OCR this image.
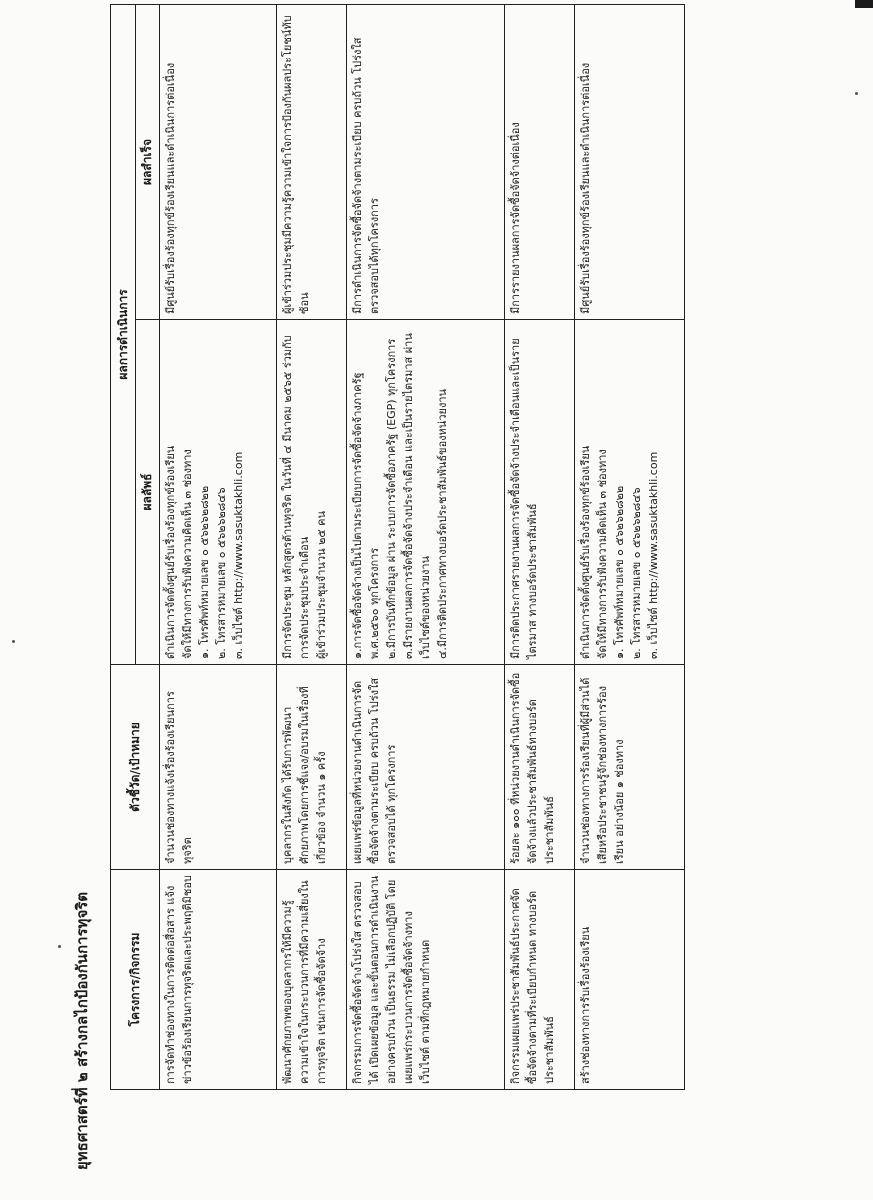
ยุทธศาสตร์ที่ ๒ สร้างกลไกป้องกันการทุจริต	โครงการ/กิจกรรม	ตัวชี้วัด/เป้าหมาย	ผลการดำเนินการ	
		ผลลัพธ์	ผลสำเร็จ
การจัดทำช่องทางในการติดต่อสื่อสาร แจ้งข่าวข้อร้องเรียนการทุจริตและประพฤติมิชอบ	จำนวนช่องทางแจ้งเรื่องร้องเรียนการทุจริต	ดำเนินการจัดตั้งศูนย์รับเรื่องร้องทุกข์ร้องเรียน จัดให้มีทางการรับฟังความคิดเห็น ๓ ช่องทาง ๑. โทรศัพท์หมายเลข ๐ ๕๖๒๖๒๘๒๒ ๒. โทรสารหมายเลข ๐ ๕๖๒๖๒๘๔๖ ๓. เว็บไซต์ http://www.sasuktakhli.com	มีศูนย์รับเรื่องร้องทุกข์ร้องเรียนและดำเนินการต่อเนื่อง
พัฒนาศักยภาพของบุคลากรให้มีความรู้ความเข้าใจในกระบวนการที่มีความเสี่ยงในการทุจริต เช่นการจัดซื้อจัดจ้าง	บุคลากรในสังกัด ได้รับการพัฒนาศักยภาพโดยการชี้แจง/อบรมในเรื่องที่เกี่ยวข้อง จำนวน ๑ ครั้ง	มีการจัดประชุม หลักสูตรต้านทุจริต ในวันที่ ๔ มีนาคม ๒๕๖๕ ร่วมกับการจัดประชุมประจำเดือน ผู้เข้าร่วมประชุมจำนวน ๒๕ คน	ผู้เข้าร่วมประชุมมีความรู้ความเข้าใจการป้องกันผลประโยชน์ทับซ้อน
กิจกรรมการจัดซื้อจัดจ้างโปร่งใส ตรวจสอบได้ เปิดเผยข้อมูล และขั้นตอนการดำเนินงานอย่างครบถ้วน เป็นธรรม ไม่เลือกปฏิบัติ โดยเผยแพร่กระบวนการจัดซื้อจัดจ้างทางเว็บไซต์ ตามที่กฎหมายกำหนด	เผยแพร่ข้อมูลที่หน่วยงานดำเนินการจัดซื้อจัดจ้างตามระเบียบ ครบถ้วน โปร่งใส ตรวจสอบได้ ทุกโครงการ	๑.การจัดซื้อจัดจ้างเป็นไปตามระเบียบการจัดซื้อจัดจ้างภาครัฐ พ.ศ.๒๕๖๐ ทุกโครงการ ๒.มีการบันทึกข้อมูล ผ่าน ระบบการจัดซื้อภาครัฐ (EGP) ทุกโครงการ ๓.มีรายงานผลการจัดซื้อจัดจ้างประจำเดือน และเป็นรายไตรมาส ผ่านเว็บไซต์ของหน่วยงาน ๔.มีการติดประกาศทางบอร์ดประชาสัมพันธ์ของหน่วยงาน	มีการดำเนินการจัดซื้อจัดจ้างตามระเบียบ ครบถ้วน โปร่งใส ตรวจสอบได้ทุกโครงการ
กิจกรรมเผยแพร่ประชาสัมพันธ์ประกาศจัดซื้อจัดจ้างตามที่ระเบียบกำหนด ทางบอร์ดประชาสัมพันธ์	ร้อยละ ๑๐๐ ที่หน่วยงานดำเนินการจัดซื้อจัดจ้างแล้วประชาสัมพันธ์ทางบอร์ดประชาสัมพันธ์	มีการติดประกาศรายงานผลการจัดซื้อจัดจ้างประจำเดือนและเป็นรายไตรมาส ทางบอร์ดประชาสัมพันธ์	มีการรายงานผลการจัดซื้อจัดจ้างต่อเนื่อง
สร้างช่องทางการรับเรื่องร้องเรียน	จำนวนช่องทางการร้องเรียนที่ผู้มีส่วนได้เสียหรือประชาชนรู้จักช่องทางการร้องเรียน อย่างน้อย ๑ ช่องทาง	ดำเนินการจัดตั้งศูนย์รับเรื่องร้องทุกข์ร้องเรียน จัดให้มีทางการรับฟังความคิดเห็น ๓ ช่องทาง ๑. โทรศัพท์หมายเลข ๐ ๕๖๒๖๒๘๒๒ ๒. โทรสารหมายเลข ๐ ๕๖๒๖๒๘๔๖ ๓. เว็บไซต์ http://www.sasuktakhli.com	มีศูนย์รับเรื่องร้องทุกข์ร้องเรียนและดำเนินการต่อเนื่อง
